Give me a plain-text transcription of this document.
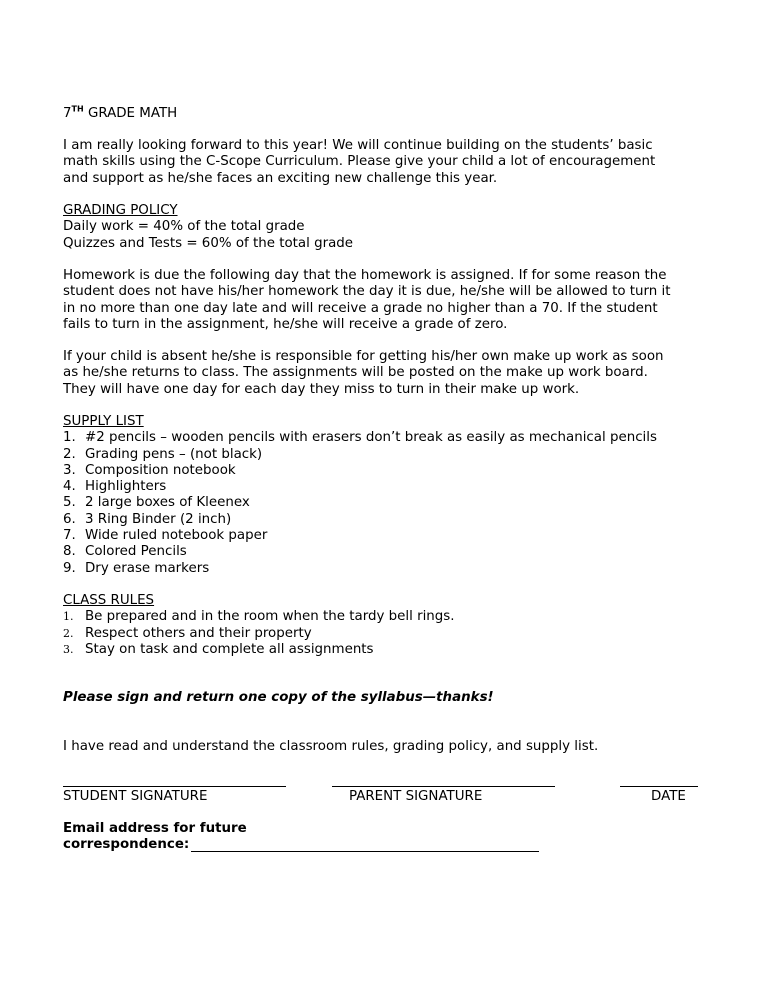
7TH GRADE MATH
I am really looking forward to this year! We will continue building on the students’ basic
math skills using the C-Scope Curriculum. Please give your child a lot of encouragement
and support as he/she faces an exciting new challenge this year.
GRADING POLICY
Daily work = 40% of the total grade
Quizzes and Tests = 60% of the total grade
Homework is due the following day that the homework is assigned. If for some reason the
student does not have his/her homework the day it is due, he/she will be allowed to turn it
in no more than one day late and will receive a grade no higher than a 70. If the student
fails to turn in the assignment, he/she will receive a grade of zero.
If your child is absent he/she is responsible for getting his/her own make up work as soon
as he/she returns to class. The assignments will be posted on the make up work board.
They will have one day for each day they miss to turn in their make up work.
SUPPLY LIST
1. #2 pencils – wooden pencils with erasers don’t break as easily as mechanical pencils
2. Grading pens – (not black)
3. Composition notebook
4. Highlighters
5. 2 large boxes of Kleenex
6. 3 Ring Binder (2 inch)
7. Wide ruled notebook paper
8. Colored Pencils
9. Dry erase markers
CLASS RULES
1. Be prepared and in the room when the tardy bell rings.
2. Respect others and their property
3. Stay on task and complete all assignments
Please sign and return one copy of the syllabus—thanks!
I have read and understand the classroom rules, grading policy, and supply list.
STUDENT SIGNATURE	PARENT SIGNATURE	DATE
Email address for future
correspondence:
